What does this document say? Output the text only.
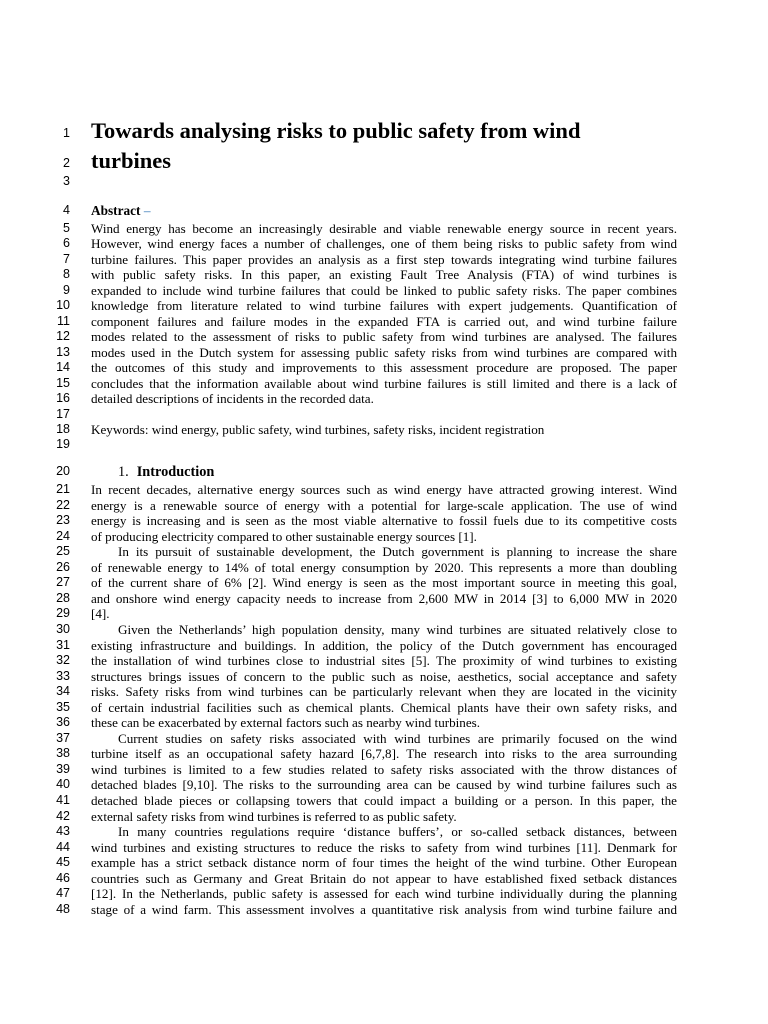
1 Towards analysing risks to public safety from wind
2 turbines
3
4 Abstract –
5 Wind energy has become an increasingly desirable and viable renewable energy source in recent years.
6 However, wind energy faces a number of challenges, one of them being risks to public safety from wind
7 turbine failures. This paper provides an analysis as a first step towards integrating wind turbine failures
8 with public safety risks. In this paper, an existing Fault Tree Analysis (FTA) of wind turbines is
9 expanded to include wind turbine failures that could be linked to public safety risks. The paper combines
10 knowledge from literature related to wind turbine failures with expert judgements. Quantification of
11 component failures and failure modes in the expanded FTA is carried out, and wind turbine failure
12 modes related to the assessment of risks to public safety from wind turbines are analysed. The failures
13 modes used in the Dutch system for assessing public safety risks from wind turbines are compared with
14 the outcomes of this study and improvements to this assessment procedure are proposed. The paper
15 concludes that the information available about wind turbine failures is still limited and there is a lack of
16 detailed descriptions of incidents in the recorded data.
17
18 Keywords: wind energy, public safety, wind turbines, safety risks, incident registration
19
20	1. Introduction
21 In recent decades, alternative energy sources such as wind energy have attracted growing interest. Wind
22 energy is a renewable source of energy with a potential for large-scale application. The use of wind
23 energy is increasing and is seen as the most viable alternative to fossil fuels due to its competitive costs
24 of producing electricity compared to other sustainable energy sources [1].
25	In its pursuit of sustainable development, the Dutch government is planning to increase the share
26 of renewable energy to 14% of total energy consumption by 2020. This represents a more than doubling
27 of the current share of 6% [2]. Wind energy is seen as the most important source in meeting this goal,
28 and onshore wind energy capacity needs to increase from 2,600 MW in 2014 [3] to 6,000 MW in 2020
29 [4].
30	Given the Netherlands’ high population density, many wind turbines are situated relatively close to
31 existing infrastructure and buildings. In addition, the policy of the Dutch government has encouraged
32 the installation of wind turbines close to industrial sites [5]. The proximity of wind turbines to existing
33 structures brings issues of concern to the public such as noise, aesthetics, social acceptance and safety
34 risks. Safety risks from wind turbines can be particularly relevant when they are located in the vicinity
35 of certain industrial facilities such as chemical plants. Chemical plants have their own safety risks, and
36 these can be exacerbated by external factors such as nearby wind turbines.
37	Current studies on safety risks associated with wind turbines are primarily focused on the wind
38 turbine itself as an occupational safety hazard [6,7,8]. The research into risks to the area surrounding
39 wind turbines is limited to a few studies related to safety risks associated with the throw distances of
40 detached blades [9,10]. The risks to the surrounding area can be caused by wind turbine failures such as
41 detached blade pieces or collapsing towers that could impact a building or a person. In this paper, the
42 external safety risks from wind turbines is referred to as public safety.
43	In many countries regulations require ‘distance buffers’, or so-called setback distances, between
44 wind turbines and existing structures to reduce the risks to safety from wind turbines [11]. Denmark for
45 example has a strict setback distance norm of four times the height of the wind turbine. Other European
46 countries such as Germany and Great Britain do not appear to have established fixed setback distances
47 [12]. In the Netherlands, public safety is assessed for each wind turbine individually during the planning
48 stage of a wind farm. This assessment involves a quantitative risk analysis from wind turbine failure and
